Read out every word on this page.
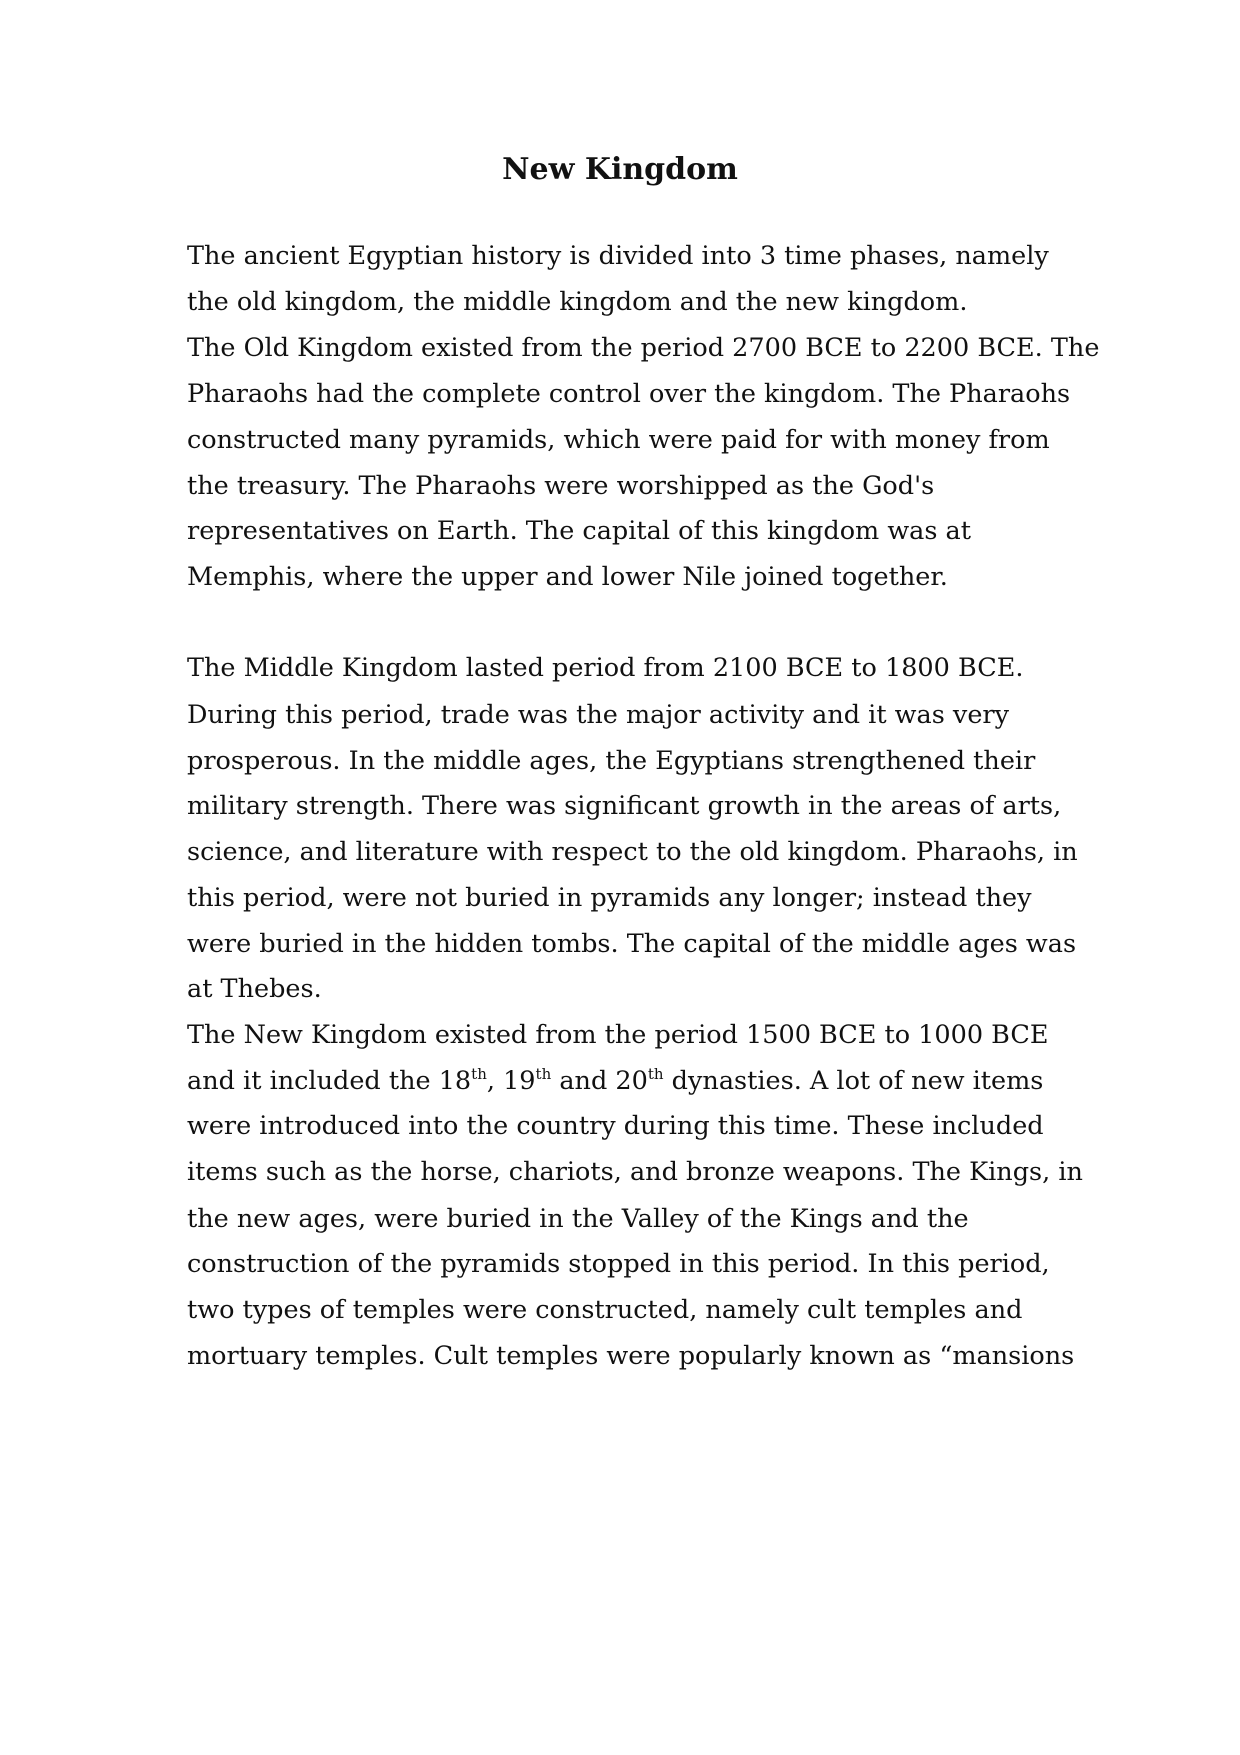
New Kingdom
The ancient Egyptian history is divided into 3 time phases, namely
the old kingdom, the middle kingdom and the new kingdom.
The Old Kingdom existed from the period 2700 BCE to 2200 BCE. The
Pharaohs had the complete control over the kingdom. The Pharaohs
constructed many pyramids, which were paid for with money from
the treasury. The Pharaohs were worshipped as the God's
representatives on Earth. The capital of this kingdom was at
Memphis, where the upper and lower Nile joined together.
The Middle Kingdom lasted period from 2100 BCE to 1800 BCE.
During this period, trade was the major activity and it was very
prosperous. In the middle ages, the Egyptians strengthened their
military strength. There was significant growth in the areas of arts,
science, and literature with respect to the old kingdom. Pharaohs, in
this period, were not buried in pyramids any longer; instead they
were buried in the hidden tombs. The capital of the middle ages was
at Thebes.
The New Kingdom existed from the period 1500 BCE to 1000 BCE
and it included the 18th, 19th and 20th dynasties. A lot of new items
were introduced into the country during this time. These included
items such as the horse, chariots, and bronze weapons. The Kings, in
the new ages, were buried in the Valley of the Kings and the
construction of the pyramids stopped in this period. In this period,
two types of temples were constructed, namely cult temples and
mortuary temples. Cult temples were popularly known as “mansions
